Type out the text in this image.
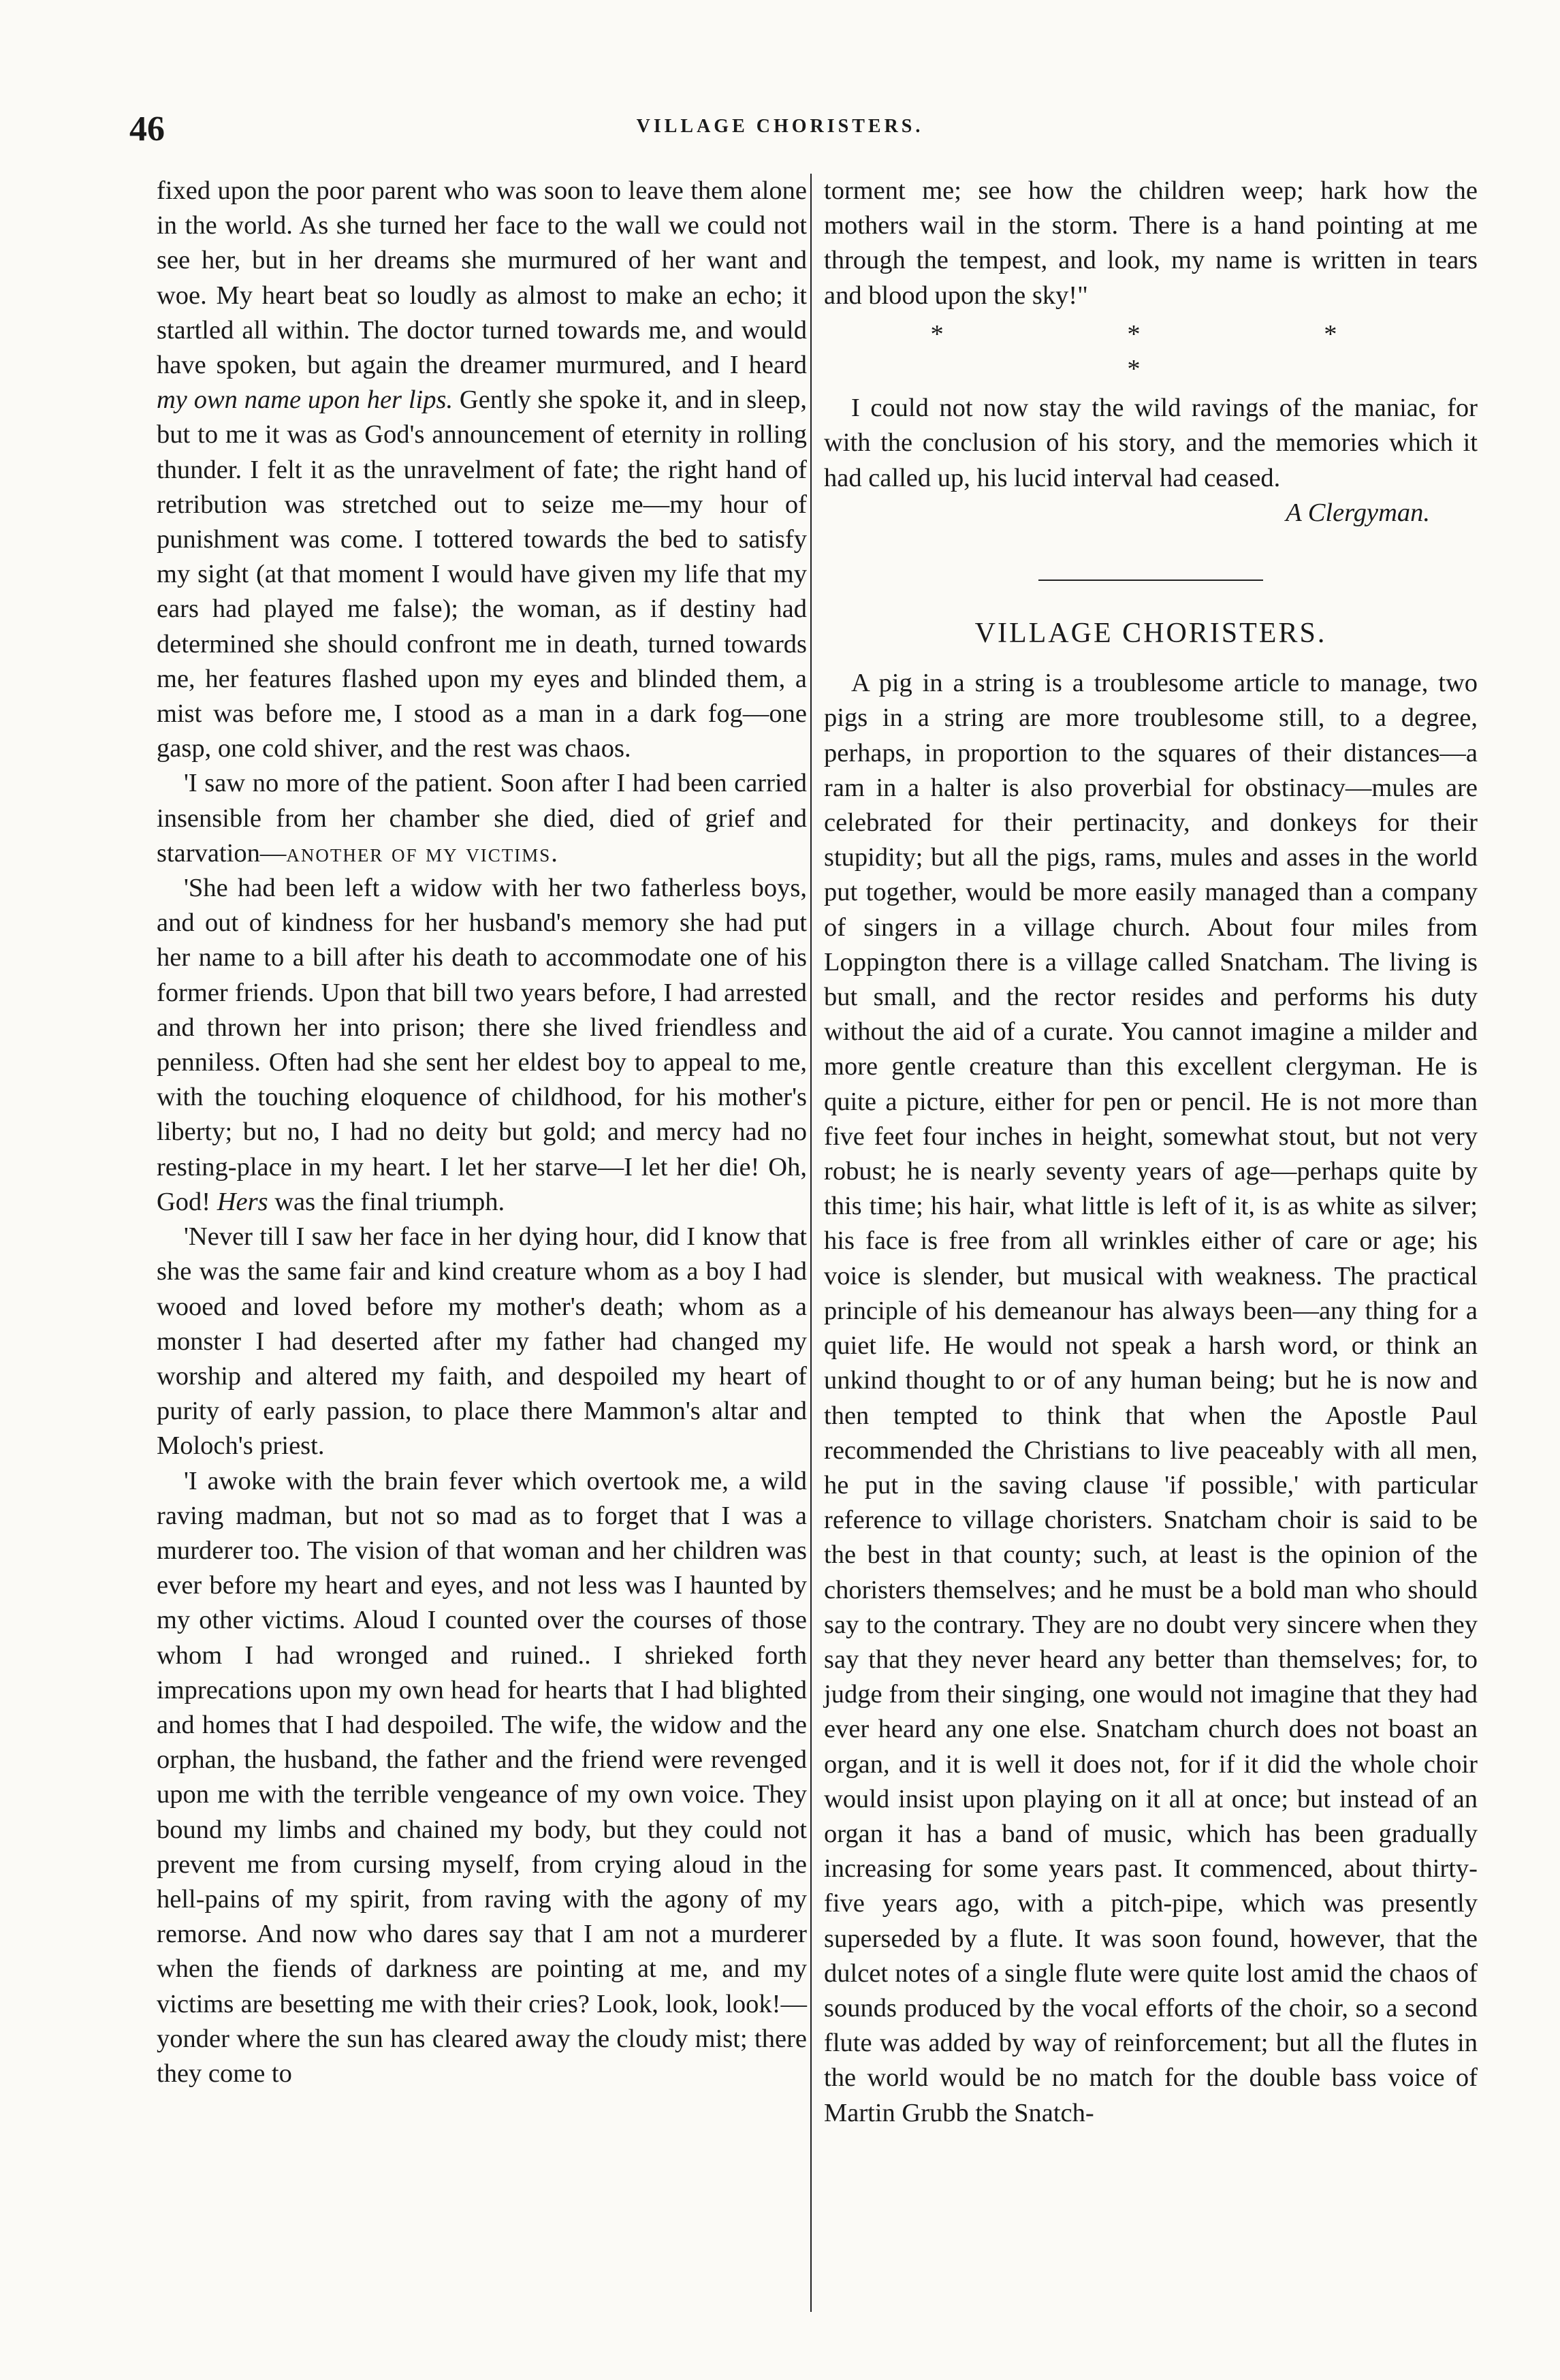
46	VILLAGE CHORISTERS.

fixed upon the poor parent who was soon to leave them alone in the world. As she turned her face to the wall we could not see her, but in her dreams she murmured of her want and woe. My heart beat so loudly as almost to make an echo; it startled all within. The doctor turned towards me, and would have spoken, but again the dreamer murmured, and I heard my own name upon her lips. Gently she spoke it, and in sleep, but to me it was as God's announcement of eternity in rolling thunder. I felt it as the unravelment of fate; the right hand of retribution was stretched out to seize me—my hour of punishment was come. I tottered towards the bed to satisfy my sight (at that moment I would have given my life that my ears had played me false); the woman, as if destiny had determined she should confront me in death, turned towards me, her features flashed upon my eyes and blinded them, a mist was before me, I stood as a man in a dark fog—one gasp, one cold shiver, and the rest was chaos.

'I saw no more of the patient. Soon after I had been carried insensible from her chamber she died, died of grief and starvation—another of my victims.

'She had been left a widow with her two fatherless boys, and out of kindness for her husband's memory she had put her name to a bill after his death to accommodate one of his former friends. Upon that bill two years before, I had arrested and thrown her into prison; there she lived friendless and penniless. Often had she sent her eldest boy to appeal to me, with the touching eloquence of childhood, for his mother's liberty; but no, I had no deity but gold; and mercy had no resting-place in my heart. I let her starve—I let her die! Oh, God! Hers was the final triumph.

'Never till I saw her face in her dying hour, did I know that she was the same fair and kind creature whom as a boy I had wooed and loved before my mother's death; whom as a monster I had deserted after my father had changed my worship and altered my faith, and despoiled my heart of purity of early passion, to place there Mammon's altar and Moloch's priest.

'I awoke with the brain fever which overtook me, a wild raving madman, but not so mad as to forget that I was a murderer too. The vision of that woman and her children was ever before my heart and eyes, and not less was I haunted by my other victims. Aloud I counted over the courses of those whom I had wronged and ruined.. I shrieked forth imprecations upon my own head for hearts that I had blighted and homes that I had despoiled. The wife, the widow and the orphan, the husband, the father and the friend were revenged upon me with the terrible vengeance of my own voice. They bound my limbs and chained my body, but they could not prevent me from cursing myself, from crying aloud in the hell-pains of my spirit, from raving with the agony of my remorse. And now who dares say that I am not a murderer when the fiends of darkness are pointing at me, and my victims are besetting me with their cries? Look, look, look!—yonder where the sun has cleared away the cloudy mist; there they come to

torment me; see how the children weep; hark how the mothers wail in the storm. There is a hand pointing at me through the tempest, and look, my name is written in tears and blood upon the sky!"

* * * *

I could not now stay the wild ravings of the maniac, for with the conclusion of his story, and the memories which it had called up, his lucid interval had ceased.

A Clergyman.
VILLAGE CHORISTERS.

A pig in a string is a troublesome article to manage, two pigs in a string are more troublesome still, to a degree, perhaps, in proportion to the squares of their distances—a ram in a halter is also proverbial for obstinacy—mules are celebrated for their pertinacity, and donkeys for their stupidity; but all the pigs, rams, mules and asses in the world put together, would be more easily managed than a company of singers in a village church. About four miles from Loppington there is a village called Snatcham. The living is but small, and the rector resides and performs his duty without the aid of a curate. You cannot imagine a milder and more gentle creature than this excellent clergyman. He is quite a picture, either for pen or pencil. He is not more than five feet four inches in height, somewhat stout, but not very robust; he is nearly seventy years of age—perhaps quite by this time; his hair, what little is left of it, is as white as silver; his face is free from all wrinkles either of care or age; his voice is slender, but musical with weakness. The practical principle of his demeanour has always been—any thing for a quiet life. He would not speak a harsh word, or think an unkind thought to or of any human being; but he is now and then tempted to think that when the Apostle Paul recommended the Christians to live peaceably with all men, he put in the saving clause 'if possible,' with particular reference to village choristers. Snatcham choir is said to be the best in that county; such, at least is the opinion of the choristers themselves; and he must be a bold man who should say to the contrary. They are no doubt very sincere when they say that they never heard any better than themselves; for, to judge from their singing, one would not imagine that they had ever heard any one else. Snatcham church does not boast an organ, and it is well it does not, for if it did the whole choir would insist upon playing on it all at once; but instead of an organ it has a band of music, which has been gradually increasing for some years past. It commenced, about thirty-five years ago, with a pitch-pipe, which was presently superseded by a flute. It was soon found, however, that the dulcet notes of a single flute were quite lost amid the chaos of sounds produced by the vocal efforts of the choir, so a second flute was added by way of reinforcement; but all the flutes in the world would be no match for the double bass voice of Martin Grubb the Snatch-
